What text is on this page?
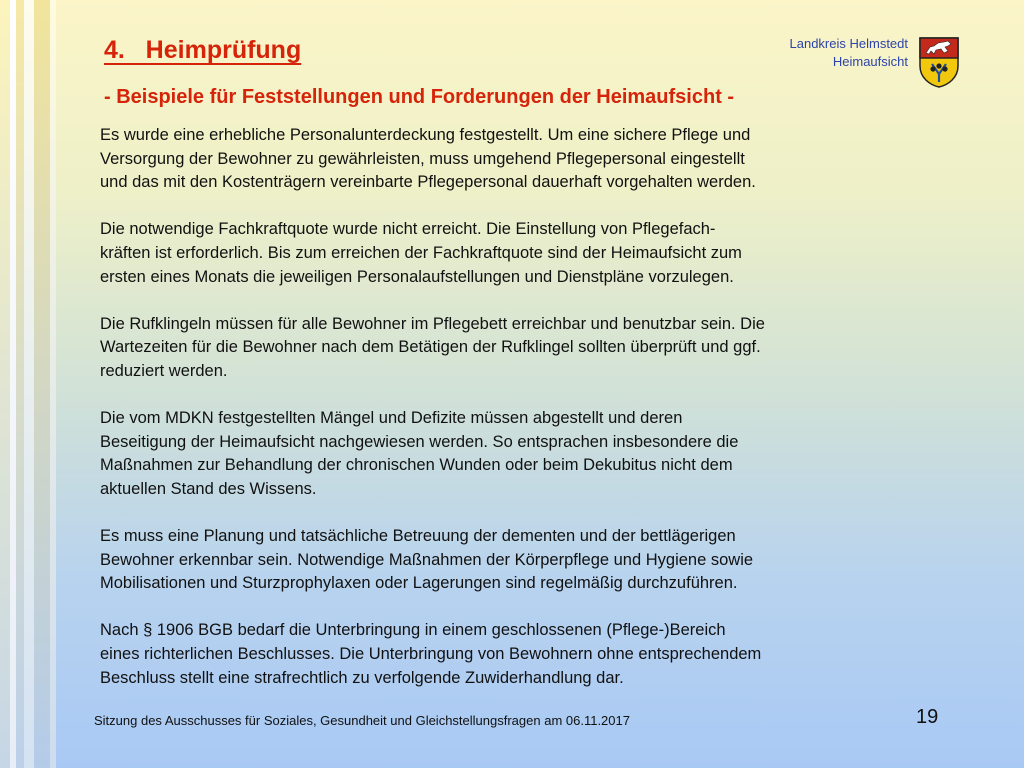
4.   Heimprüfung
- Beispiele für Feststellungen und Forderungen der Heimaufsicht -
Landkreis Helmstedt
Heimaufsicht
Es wurde eine erhebliche Personalunterdeckung festgestellt. Um eine sichere Pflege und
Versorgung der Bewohner zu gewährleisten, muss umgehend Pflegepersonal eingestellt
und das mit den Kostenträgern vereinbarte Pflegepersonal dauerhaft vorgehalten werden.
Die notwendige Fachkraftquote wurde nicht erreicht. Die Einstellung von Pflegefach-
kräften ist erforderlich. Bis zum erreichen der Fachkraftquote sind der Heimaufsicht zum
ersten eines Monats die jeweiligen Personalaufstellungen und Dienstpläne vorzulegen.
Die Rufklingeln müssen für alle Bewohner im Pflegebett erreichbar und benutzbar sein. Die
Wartezeiten für die Bewohner nach dem Betätigen der Rufklingel sollten überprüft und ggf.
reduziert werden.
Die vom MDKN festgestellten Mängel und Defizite müssen abgestellt und deren
Beseitigung der Heimaufsicht nachgewiesen werden. So entsprachen insbesondere die
Maßnahmen zur Behandlung der chronischen Wunden oder beim Dekubitus nicht dem
aktuellen Stand des Wissens.
Es muss eine Planung und tatsächliche Betreuung der dementen und der bettlägerigen
Bewohner erkennbar sein. Notwendige Maßnahmen der Körperpflege und Hygiene sowie
Mobilisationen und Sturzprophylaxen oder Lagerungen sind regelmäßig durchzuführen.
Nach § 1906 BGB bedarf die Unterbringung in einem geschlossenen (Pflege-)Bereich
eines richterlichen Beschlusses. Die Unterbringung von Bewohnern ohne entsprechendem
Beschluss stellt eine strafrechtlich zu verfolgende Zuwiderhandlung dar.
Sitzung des Ausschusses für Soziales, Gesundheit und Gleichstellungsfragen am 06.11.2017	19
